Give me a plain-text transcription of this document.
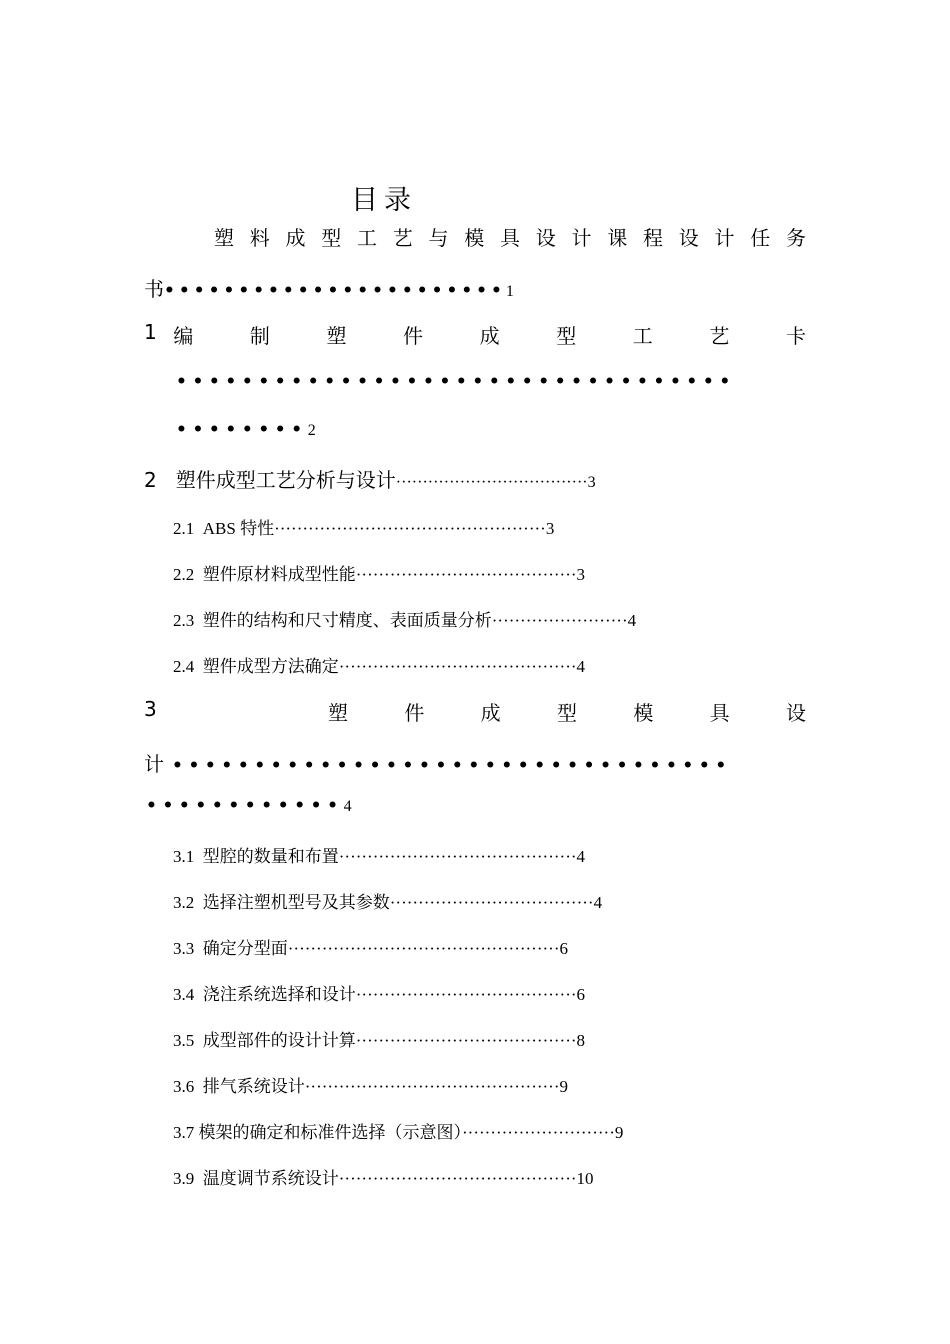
目录
塑 料 成 型 工 艺 与 模 具 设 计 课 程 设 计 任 务
书•••••••••••••••••••••••1
1 编	制	塑	件	成	型	工	艺	卡
••••••••••••••••••••••••••••••••••
••••••••2
2   塑件成型工艺分析与设计····································3
2.1 ABS 特性················································3
2.2 塑件原材料成型性能·······································3
2.3 塑件的结构和尺寸精度、表面质量分析························4
2.4 塑件成型方法确定··········································4
3	塑	件	成	型	模	具	设
计 ••••••••••••••••••••••••••••••••••
••••••••••••4
3.1 型腔的数量和布置··········································4
3.2 选择注塑机型号及其参数····································4
3.3 确定分型面················································6
3.4 浇注系统选择和设计·······································6
3.5 成型部件的设计计算·······································8
3.6 排气系统设计·············································9
3.7 模架的确定和标准件选择（示意图）···························9
3.9 温度调节系统设计··········································10
